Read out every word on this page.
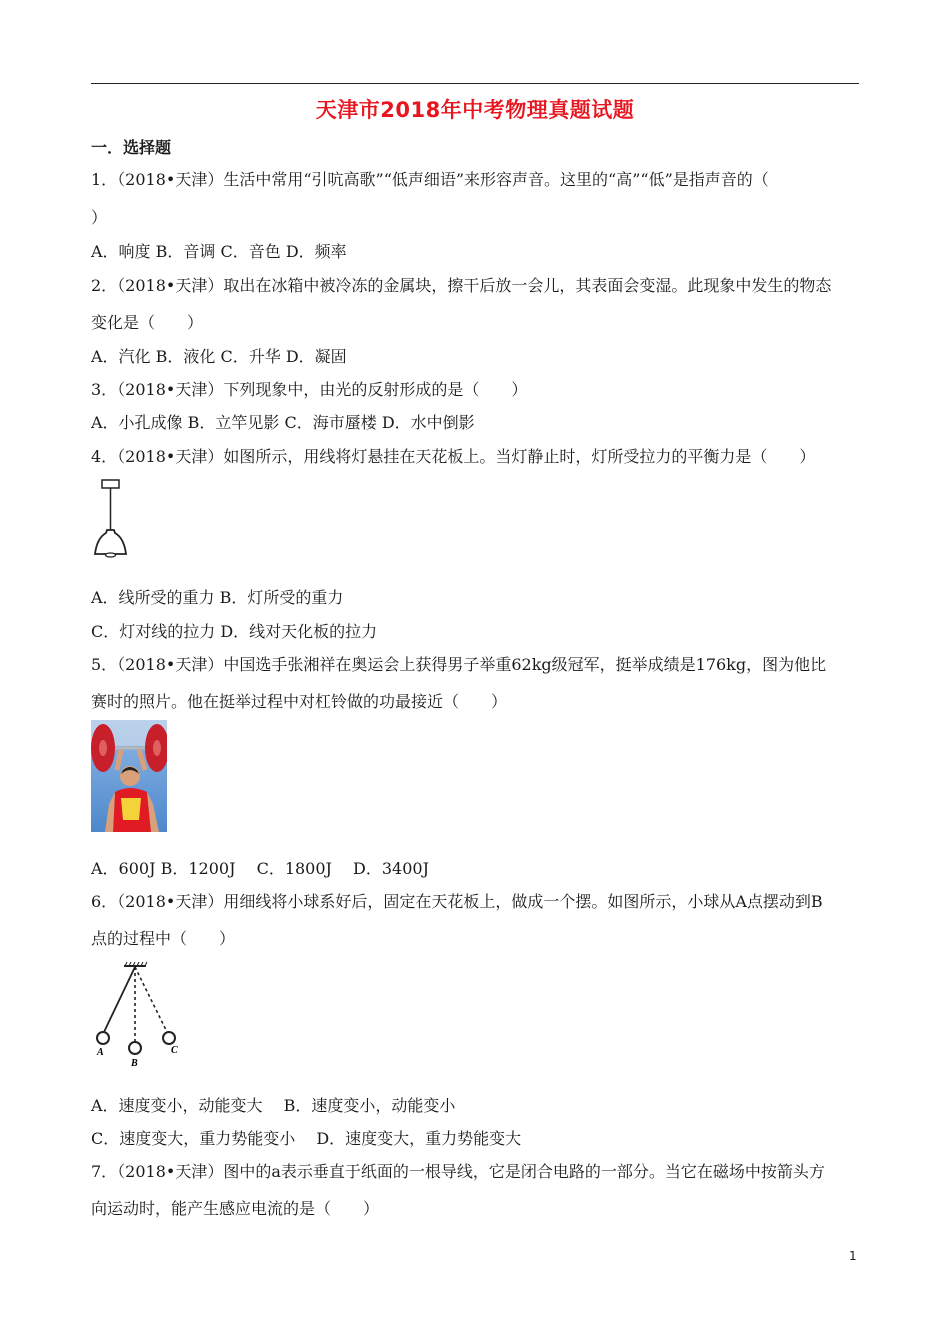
天津市2018年中考物理真题试题
一．选择题
1．（2018•天津）生活中常用“引吭高歌”“低声细语”来形容声音。这里的“高”“低”是指声音的（
）
A．响度 B．音调 C．音色 D．频率
2．（2018•天津）取出在冰箱中被冷冻的金属块，擦干后放一会儿，其表面会变湿。此现象中发生的物态
变化是（　　）
A．汽化 B．液化 C．升华 D．凝固
3．（2018•天津）下列现象中，由光的反射形成的是（　　）
A．小孔成像 B．立竿见影 C．海市蜃楼 D．水中倒影
4．（2018•天津）如图所示，用线将灯悬挂在天花板上。当灯静止时，灯所受拉力的平衡力是（　　）
A．线所受的重力 B．灯所受的重力
C．灯对线的拉力 D．线对天化板的拉力
5．（2018•天津）中国选手张湘祥在奥运会上获得男子举重62kg级冠军，挺举成绩是176kg，图为他比
赛时的照片。他在挺举过程中对杠铃做的功最接近（　　）
A．600J B．1200J　 C．1800J　 D．3400J
6．（2018•天津）用细线将小球系好后，固定在天花板上，做成一个摆。如图所示，小球从A点摆动到B
点的过程中（　　）
A
B
C
A．速度变小，动能变大　 B．速度变小，动能变小
C．速度变大，重力势能变小　 D．速度变大，重力势能变大
7．（2018•天津）图中的a表示垂直于纸面的一根导线，它是闭合电路的一部分。当它在磁场中按箭头方
向运动时，能产生感应电流的是（　　）
1
